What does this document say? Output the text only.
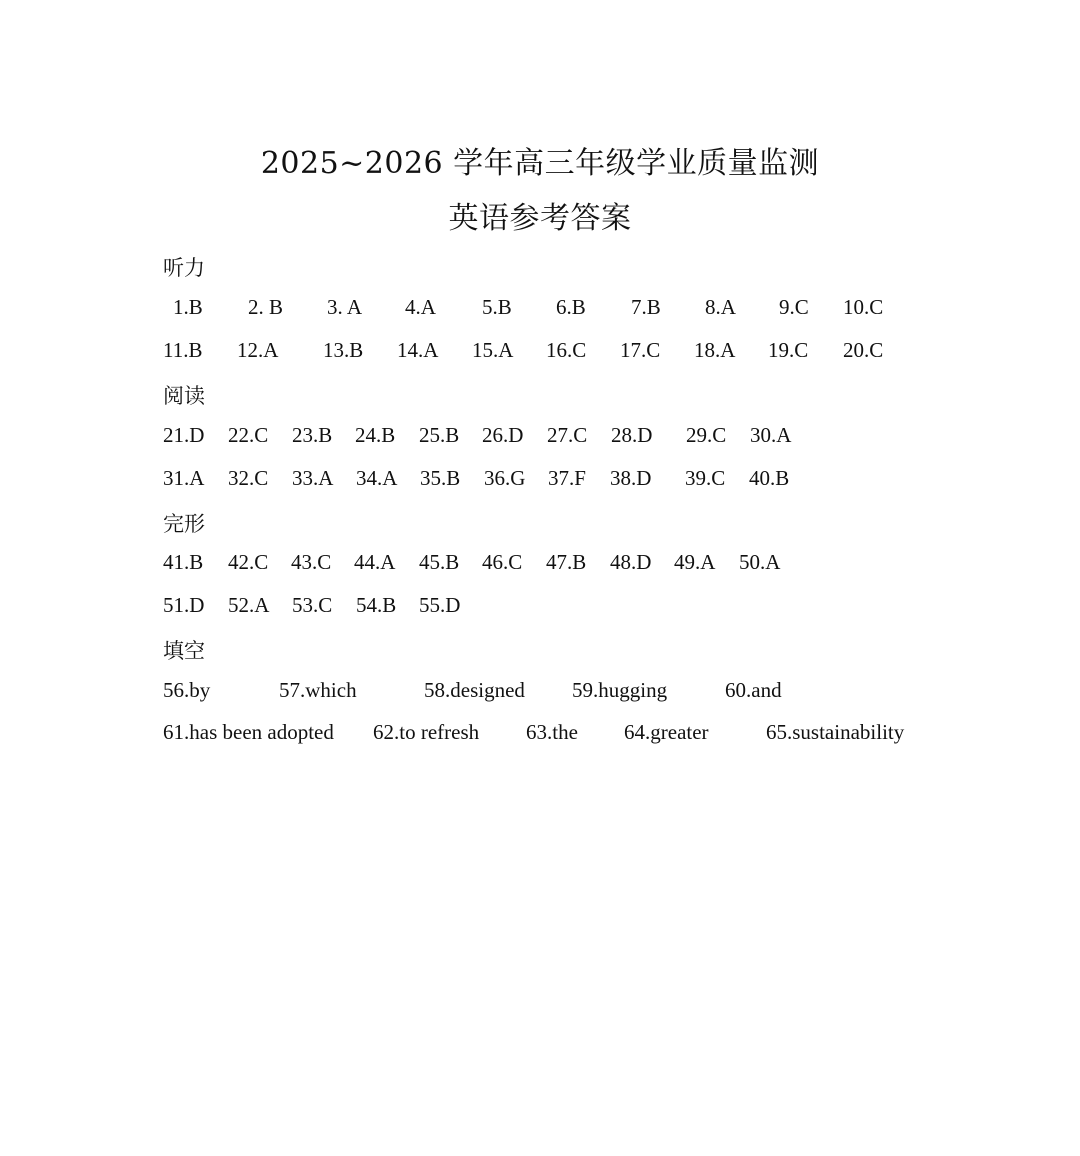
2025~2026 学年高三年级学业质量监测
英语参考答案
听力
1.B 2. B 3. A 4.A 5.B 6.B 7.B 8.A 9.C 10.C
11.B 12.A 13.B 14.A 15.A 16.C 17.C 18.A 19.C 20.C
阅读
21.D 22.C 23.B 24.B 25.B 26.D 27.C 28.D 29.C 30.A
31.A 32.C 33.A 34.A 35.B 36.G 37.F 38.D 39.C 40.B
完形
41.B 42.C 43.C 44.A 45.B 46.C 47.B 48.D 49.A 50.A
51.D 52.A 53.C 54.B 55.D
填空
56.by	57.which	58.designed 59.hugging	60.and
61.has been adopted 62.to refresh 63.the 64.greater	65.sustainability
